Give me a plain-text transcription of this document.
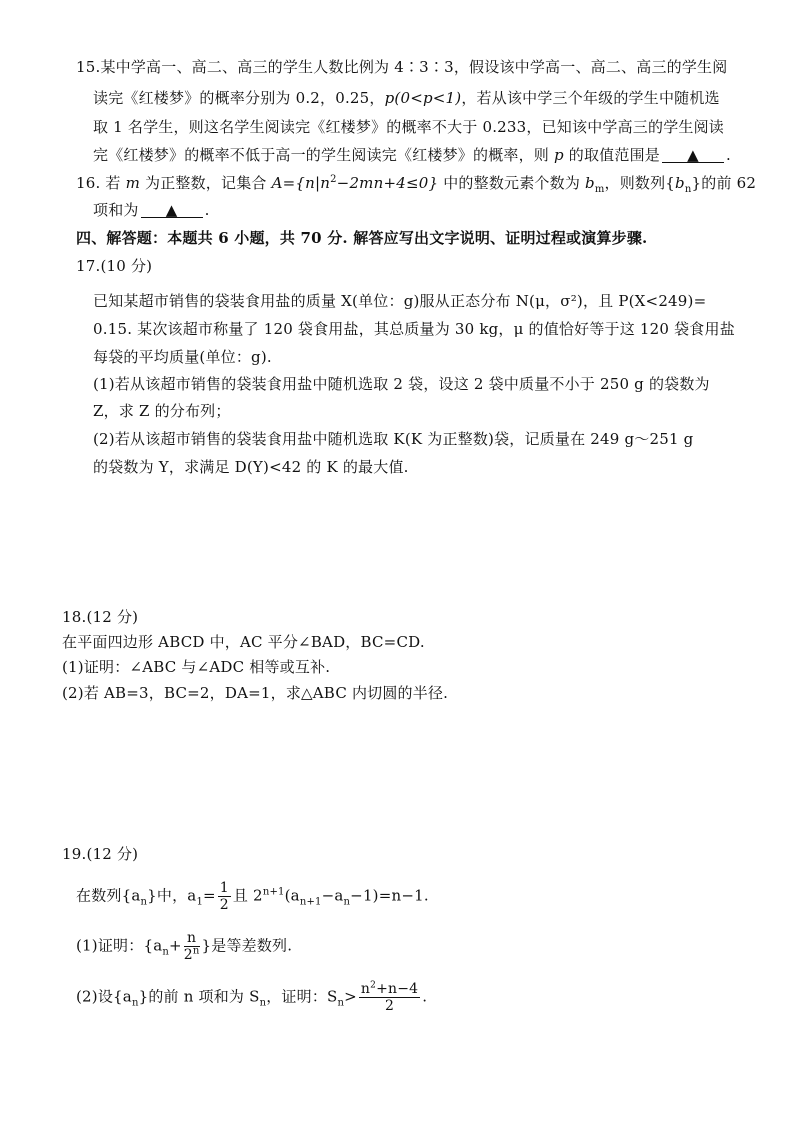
15.某中学高一、高二、高三的学生人数比例为 4∶3∶3，假设该中学高一、高二、高三的学生阅
读完《红楼梦》的概率分别为 0.2，0.25，p(0<p<1)，若从该中学三个年级的学生中随机选
取 1 名学生，则这名学生阅读完《红楼梦》的概率不大于 0.233，已知该中学高三的学生阅读
完《红楼梦》的概率不低于高一的学生阅读完《红楼梦》的概率，则 p 的取值范围是 ▲ .
16. 若 m 为正整数，记集合 $A=\{n|n^2-2mn+4\le 0\}$ 中的整数元素个数为 $b_m$，则数列$\{b_n\}$的前 62
项和为 ▲ .
四、解答题：本题共 6 小题，共 70 分. 解答应写出文字说明、证明过程或演算步骤.
17.(10 分)
已知某超市销售的袋装食用盐的质量 X(单位：g)服从正态分布 N(μ，σ²)，且 P(X<249)=
0.15. 某次该超市称量了 120 袋食用盐，其总质量为 30 kg，μ 的值恰好等于这 120 袋食用盐
每袋的平均质量(单位：g).
(1)若从该超市销售的袋装食用盐中随机选取 2 袋，设这 2 袋中质量不小于 250 g 的袋数为
Z，求 Z 的分布列；
(2)若从该超市销售的袋装食用盐中随机选取 K(K 为正整数)袋，记质量在 249 g～251 g
的袋数为 Y，求满足 D(Y)<42 的 K 的最大值.
18.(12 分)
在平面四边形 ABCD 中，AC 平分∠BAD，BC=CD.
(1)证明：∠ABC 与∠ADC 相等或互补.
(2)若 AB=3，BC=2，DA=1，求△ABC 内切圆的半径.
19.(12 分)
在数列$\{a_n\}$中，$a_1= \frac{1}{2}$ 且 $2^{n+1}(a_{n+1}-a_n-1)=n-1$.
(1)证明：{$a_n+ \frac{n}{2^n}$ }是等差数列.
(2)设$\{a_n\}$的前 n 项和为 $S_n$，证明：$S_n> \frac{n^2+n-4}{2}$ .
